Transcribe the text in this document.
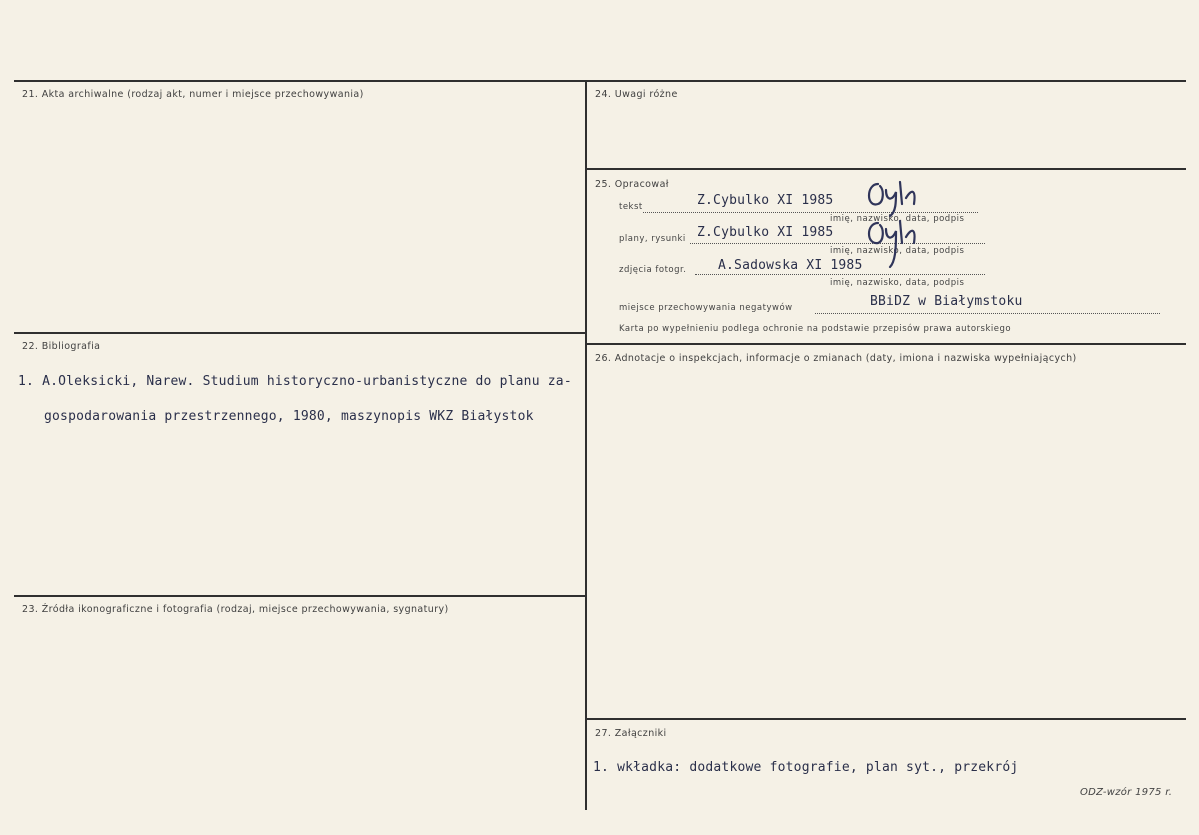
21. Akta archiwalne (rodzaj akt, numer i miejsce przechowywania)
22. Bibliografia
1. A.Oleksicki, Narew. Studium historyczno-urbanistyczne do planu za-
gospodarowania przestrzennego, 1980, maszynopis WKZ Białystok
23. Źródła ikonograficzne i fotografia (rodzaj, miejsce przechowywania, sygnatury)
24. Uwagi różne
25. Opracował
tekst	Z.Cybulko XI 1985
imię, nazwisko, data, podpis
plany, rysunki Z.Cybulko XI 1985
imię, nazwisko, data, podpis
zdjęcia fotogr. A.Sadowska XI 1985
imię, nazwisko, data, podpis
miejsce przechowywania negatywów	BBiDZ w Białymstoku
Karta po wypełnieniu podlega ochronie na podstawie przepisów prawa autorskiego
26. Adnotacje o inspekcjach, informacje o zmianach (daty, imiona i nazwiska wypełniających)
27. Załączniki
1. wkładka: dodatkowe fotografie, plan syt., przekrój
ODZ-wzór 1975 r.
